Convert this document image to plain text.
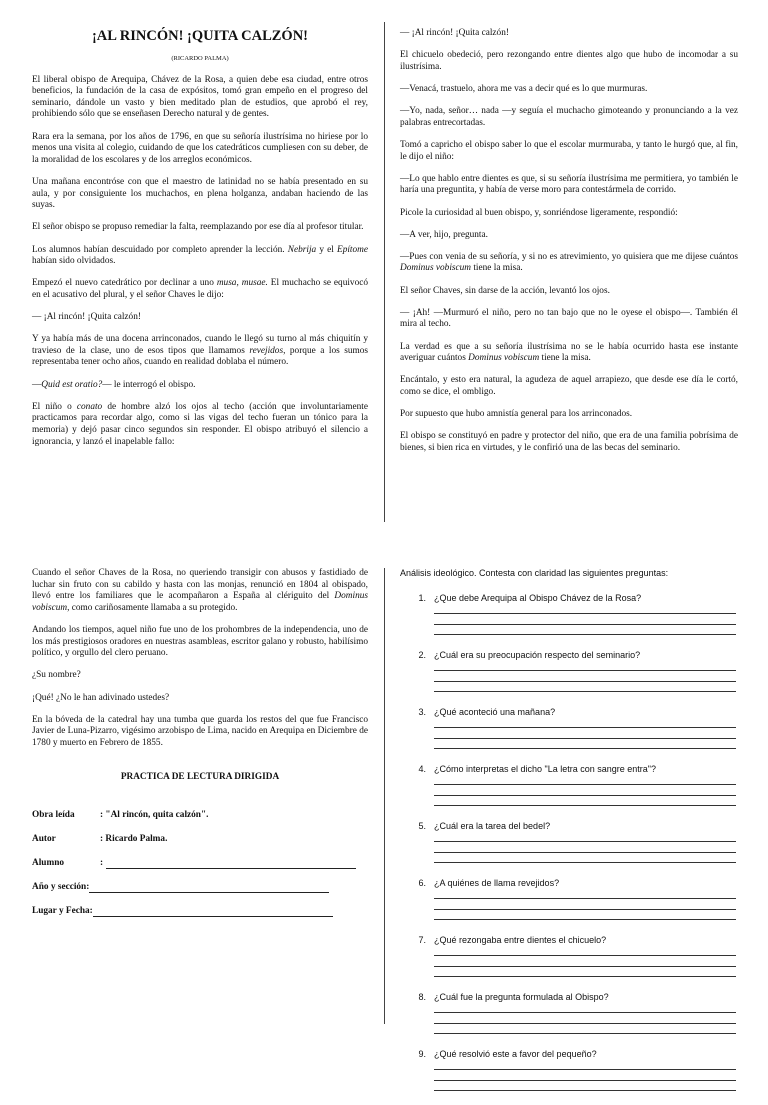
¡AL RINCÓN! ¡QUITA CALZÓN!

(RICARDO PALMA)

El liberal obispo de Arequipa, Chávez de la Rosa, a quien debe esa ciudad, entre otros beneficios, la fundación de la casa de expósitos, tomó gran empeño en el progreso del seminario, dándole un vasto y bien meditado plan de estudios, que aprobó el rey, prohibiendo sólo que se enseñasen Derecho natural y de gentes.

Rara era la semana, por los años de 1796, en que su señoría ilustrísima no hiriese por lo menos una visita al colegio, cuidando de que los catedráticos cumpliesen con su deber, de la moralidad de los escolares y de los arreglos económicos.

Una mañana encontróse con que el maestro de latinidad no se había presentado en su aula, y por consiguiente los muchachos, en plena holganza, andaban haciendo de las suyas.

El señor obispo se propuso remediar la falta, reemplazando por ese día al profesor titular.

Los alumnos habían descuidado por completo aprender la lección. Nebrija y el Epítome habían sido olvidados.

Empezó el nuevo catedrático por declinar a uno musa, musae. El muchacho se equivocó en el acusativo del plural, y el señor Chaves le dijo:

— ¡Al rincón! ¡Quita calzón!

Y ya había más de una docena arrinconados, cuando le llegó su turno al más chiquitín y travieso de la clase, uno de esos tipos que llamamos revejidos, porque a los sumos representaba tener ocho años, cuando en realidad doblaba el número.

—Quid est oratio?— le interrogó el obispo.

El niño o conato de hombre alzó los ojos al techo (acción que involuntariamente practicamos para recordar algo, como si las vigas del techo fueran un tónico para la memoria) y dejó pasar cinco segundos sin responder. El obispo atribuyó el silencio a ignorancia, y lanzó el inapelable fallo:

— ¡Al rincón! ¡Quita calzón!

El chicuelo obedeció, pero rezongando entre dientes algo que hubo de incomodar a su ilustrísima.

—Venacá, trastuelo, ahora me vas a decir qué es lo que murmuras.

—Yo, nada, señor… nada —y seguía el muchacho gimoteando y pronunciando a la vez palabras entrecortadas.

Tomó a capricho el obispo saber lo que el escolar murmuraba, y tanto le hurgó que, al fin, le dijo el niño:

—Lo que hablo entre dientes es que, si su señoría ilustrísima me permitiera, yo también le haría una preguntita, y había de verse moro para contestármela de corrido.

Picole la curiosidad al buen obispo, y, sonriéndose ligeramente, respondió:

—A ver, hijo, pregunta.

—Pues con venia de su señoría, y si no es atrevimiento, yo quisiera que me dijese cuántos Dominus vobiscum tiene la misa.

El señor Chaves, sin darse de la acción, levantó los ojos.

— ¡Ah! —Murmuró el niño, pero no tan bajo que no le oyese el obispo—. También él mira al techo.

La verdad es que a su señoría ilustrísima no se le había ocurrido hasta ese instante averiguar cuántos Dominus vobiscum tiene la misa.

Encántalo, y esto era natural, la agudeza de aquel arrapiezo, que desde ese día le cortó, como se dice, el ombligo.

Por supuesto que hubo amnistía general para los arrinconados.

El obispo se constituyó en padre y protector del niño, que era de una familia pobrísima de bienes, si bien rica en virtudes, y le confirió una de las becas del seminario.

Cuando el señor Chaves de la Rosa, no queriendo transigir con abusos y fastidiado de luchar sin fruto con su cabildo y hasta con las monjas, renunció en 1804 al obispado, llevó entre los familiares que le acompañaron a España al clériguito del Dominus vobiscum, como cariñosamente llamaba a su protegido.

Andando los tiempos, aquel niño fue uno de los prohombres de la independencia, uno de los más prestigiosos oradores en nuestras asambleas, escritor galano y robusto, habilísimo político, y orgullo del clero peruano.

¿Su nombre?

¡Qué! ¿No le han adivinado ustedes?

En la bóveda de la catedral hay una tumba que guarda los restos del que fue Francisco Javier de Luna-Pizarro, vigésimo arzobispo de Lima, nacido en Arequipa en Diciembre de 1780 y muerto en Febrero de 1855.

PRACTICA DE LECTURA DIRIGIDA
Obra leída	: "Al rincón, quita calzón".
Autor	: Ricardo Palma.
Alumno	:
Año y sección:
Lugar y Fecha:
Análisis ideológico. Contesta con claridad las siguientes preguntas:
1. ¿Que debe Arequipa al Obispo Chávez de la Rosa?
2. ¿Cuál era su preocupación respecto del seminario?
3. ¿Qué aconteció una mañana?
4. ¿Cómo interpretas el dicho "La letra con sangre entra"?
5. ¿Cuál era la tarea del bedel?
6. ¿A quiénes de llama revejidos?
7. ¿Qué rezongaba entre dientes el chicuelo?
8. ¿Cuál fue la pregunta formulada al Obispo?
9. ¿Qué resolvió este a favor del pequeño?
